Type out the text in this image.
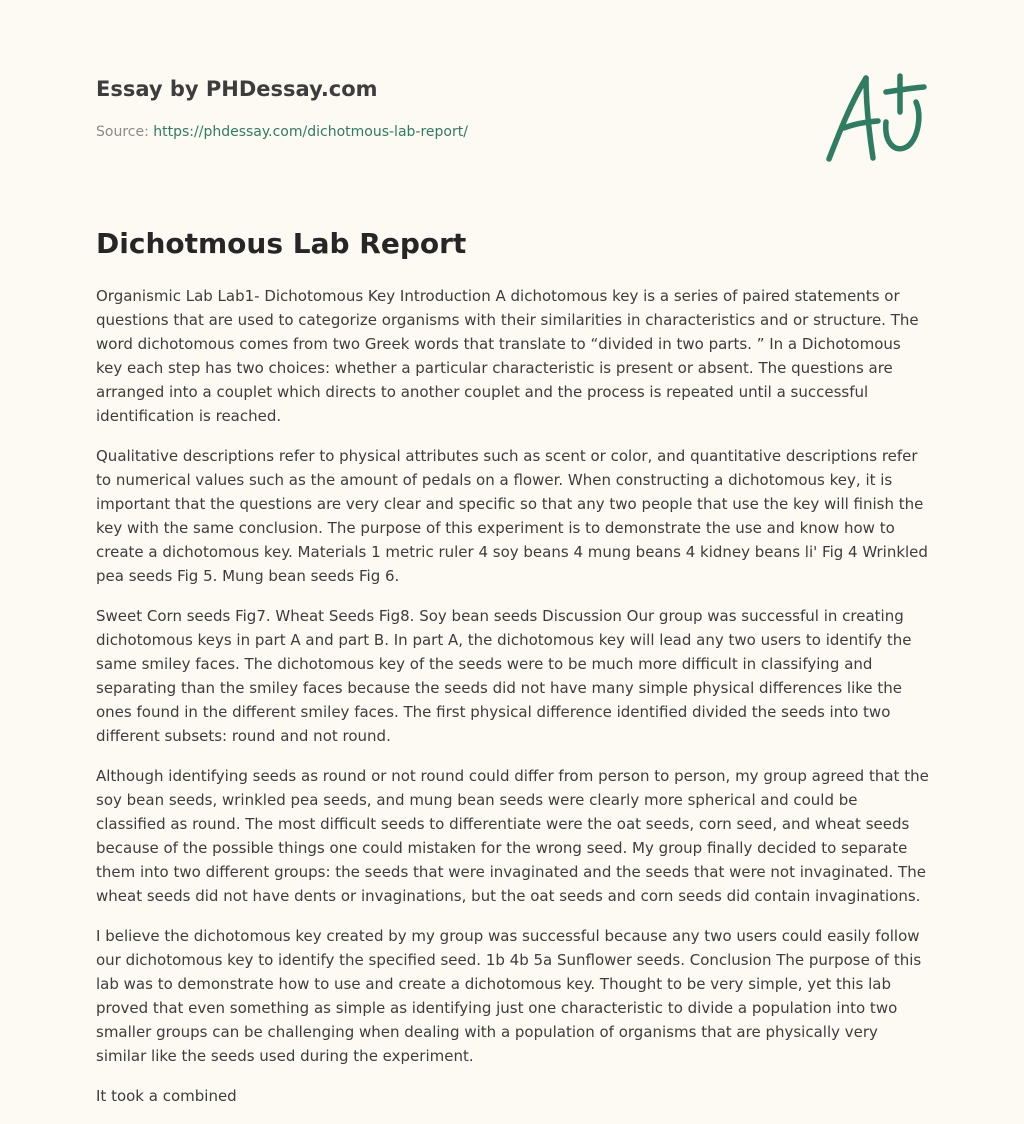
Essay by PHDessay.com
Source: https://phdessay.com/dichotmous-lab-report/
Dichotmous Lab Report

Organismic Lab Lab1- Dichotomous Key Introduction A dichotomous key is a series of paired statements or questions that are used to categorize organisms with their similarities in characteristics and or structure. The word dichotomous comes from two Greek words that translate to “divided in two parts. ” In a Dichotomous key each step has two choices: whether a particular characteristic is present or absent. The questions are arranged into a couplet which directs to another couplet and the process is repeated until a successful identification is reached.

Qualitative descriptions refer to physical attributes such as scent or color, and quantitative descriptions refer to numerical values such as the amount of pedals on a flower. When constructing a dichotomous key, it is important that the questions are very clear and specific so that any two people that use the key will finish the key with the same conclusion. The purpose of this experiment is to demonstrate the use and know how to create a dichotomous key. Materials 1 metric ruler 4 soy beans 4 mung beans 4 kidney beans li' Fig 4 Wrinkled pea seeds Fig 5. Mung bean seeds Fig 6.

Sweet Corn seeds Fig7. Wheat Seeds Fig8. Soy bean seeds Discussion Our group was successful in creating dichotomous keys in part A and part B. In part A, the dichotomous key will lead any two users to identify the same smiley faces. The dichotomous key of the seeds were to be much more difficult in classifying and separating than the smiley faces because the seeds did not have many simple physical differences like the ones found in the different smiley faces. The first physical difference identified divided the seeds into two different subsets: round and not round.

Although identifying seeds as round or not round could differ from person to person, my group agreed that the soy bean seeds, wrinkled pea seeds, and mung bean seeds were clearly more spherical and could be classified as round. The most difficult seeds to differentiate were the oat seeds, corn seed, and wheat seeds because of the possible things one could mistaken for the wrong seed. My group finally decided to separate them into two different groups: the seeds that were invaginated and the seeds that were not invaginated. The wheat seeds did not have dents or invaginations, but the oat seeds and corn seeds did contain invaginations.

I believe the dichotomous key created by my group was successful because any two users could easily follow our dichotomous key to identify the specified seed. 1b 4b 5a Sunflower seeds. Conclusion The purpose of this lab was to demonstrate how to use and create a dichotomous key. Thought to be very simple, yet this lab proved that even something as simple as identifying just one characteristic to divide a population into two smaller groups can be challenging when dealing with a population of organisms that are physically very similar like the seeds used during the experiment.

It took a combined
